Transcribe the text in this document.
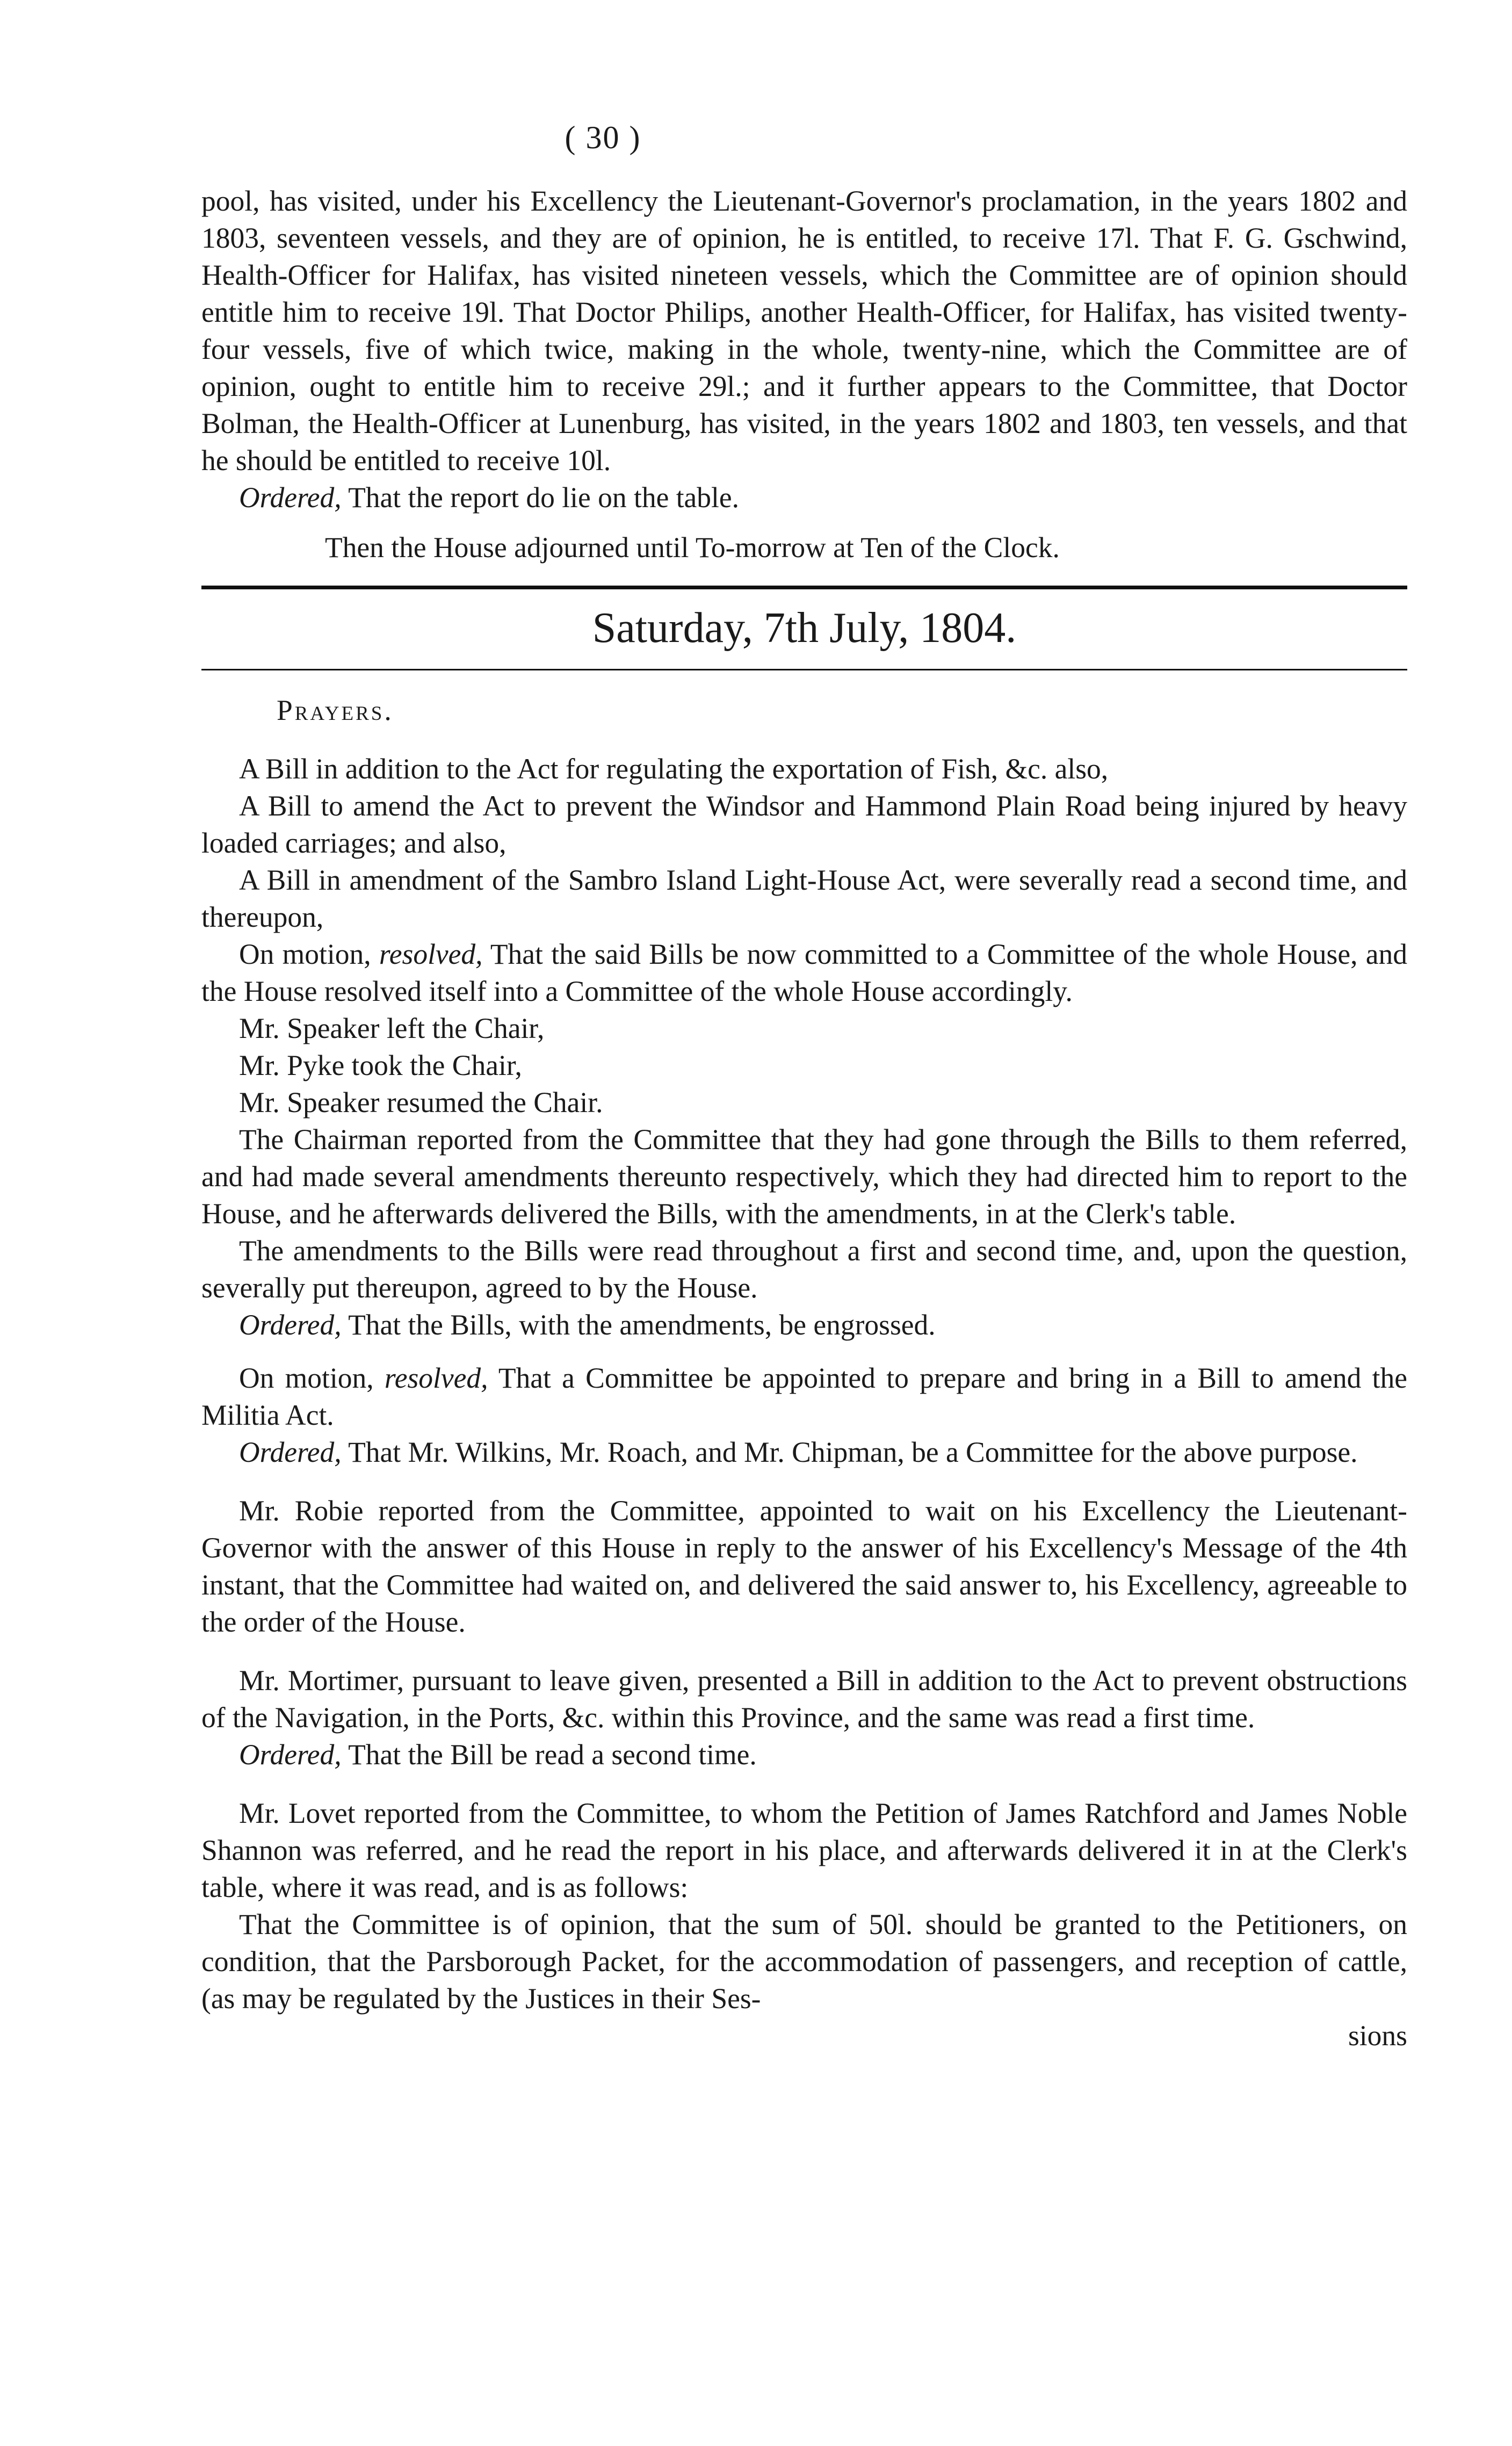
( 30 )

pool, has visited, under his Excellency the Lieutenant-Governor's proclamation, in the years 1802 and 1803, seventeen vessels, and they are of opinion, he is entitled, to receive 17l. That F. G. Gschwind, Health-Officer for Halifax, has visited nineteen vessels, which the Committee are of opinion should entitle him to receive 19l. That Doctor Philips, another Health-Officer, for Halifax, has visited twenty-four vessels, five of which twice, making in the whole, twenty-nine, which the Committee are of opinion, ought to entitle him to receive 29l.; and it further appears to the Committee, that Doctor Bolman, the Health-Officer at Lunenburg, has visited, in the years 1802 and 1803, ten vessels, and that he should be entitled to receive 10l.

Ordered, That the report do lie on the table.

Then the House adjourned until To-morrow at Ten of the Clock.

Saturday, 7th July, 1804.

Prayers.

A Bill in addition to the Act for regulating the exportation of Fish, &c. also,

A Bill to amend the Act to prevent the Windsor and Hammond Plain Road being injured by heavy loaded carriages; and also,

A Bill in amendment of the Sambro Island Light-House Act, were severally read a second time, and thereupon,

On motion, resolved, That the said Bills be now committed to a Committee of the whole House, and the House resolved itself into a Committee of the whole House accordingly.

Mr. Speaker left the Chair,

Mr. Pyke took the Chair,

Mr. Speaker resumed the Chair.

The Chairman reported from the Committee that they had gone through the Bills to them referred, and had made several amendments thereunto respectively, which they had directed him to report to the House, and he afterwards delivered the Bills, with the amendments, in at the Clerk's table.

The amendments to the Bills were read throughout a first and second time, and, upon the question, severally put thereupon, agreed to by the House.

Ordered, That the Bills, with the amendments, be engrossed.

On motion, resolved, That a Committee be appointed to prepare and bring in a Bill to amend the Militia Act.

Ordered, That Mr. Wilkins, Mr. Roach, and Mr. Chipman, be a Committee for the above purpose.

Mr. Robie reported from the Committee, appointed to wait on his Excellency the Lieutenant-Governor with the answer of this House in reply to the answer of his Excellency's Message of the 4th instant, that the Committee had waited on, and delivered the said answer to, his Excellency, agreeable to the order of the House.

Mr. Mortimer, pursuant to leave given, presented a Bill in addition to the Act to prevent obstructions of the Navigation, in the Ports, &c. within this Province, and the same was read a first time.

Ordered, That the Bill be read a second time.

Mr. Lovet reported from the Committee, to whom the Petition of James Ratchford and James Noble Shannon was referred, and he read the report in his place, and afterwards delivered it in at the Clerk's table, where it was read, and is as follows:

That the Committee is of opinion, that the sum of 50l. should be granted to the Petitioners, on condition, that the Parsborough Packet, for the accommodation of passengers, and reception of cattle, (as may be regulated by the Justices in their Ses-

sions
